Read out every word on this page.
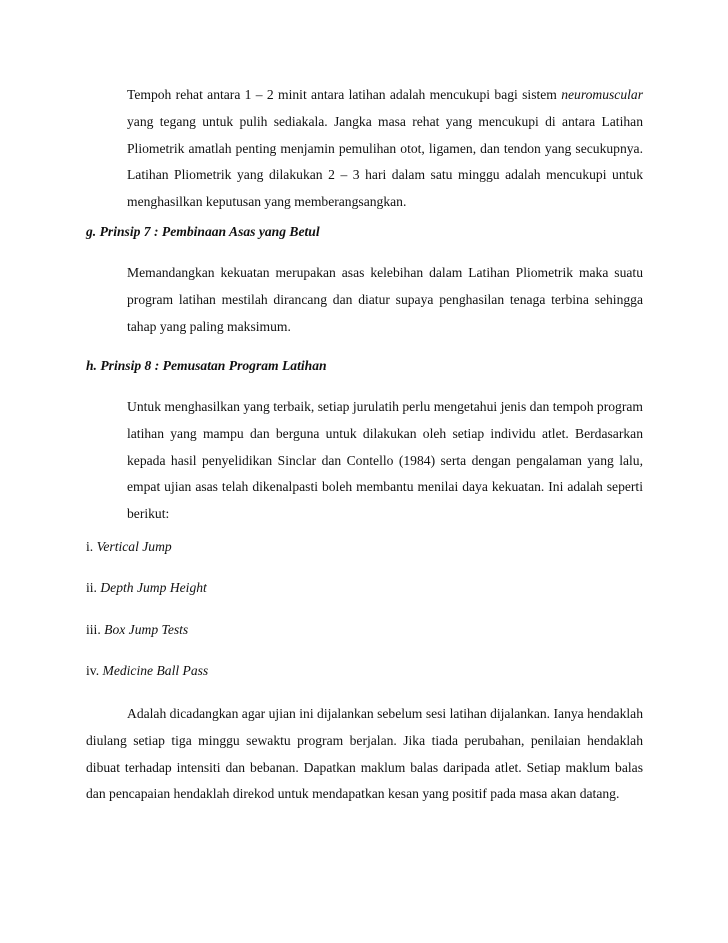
Tempoh rehat antara 1 – 2 minit antara latihan adalah mencukupi bagi sistem neuromuscular yang tegang untuk pulih sediakala. Jangka masa rehat yang mencukupi di antara Latihan Pliometrik amatlah penting menjamin pemulihan otot, ligamen, dan tendon yang secukupnya. Latihan Pliometrik yang dilakukan 2 – 3 hari dalam satu minggu adalah mencukupi untuk menghasilkan keputusan yang memberangsangkan.

g. Prinsip 7 : Pembinaan Asas yang Betul

Memandangkan kekuatan merupakan asas kelebihan dalam Latihan Pliometrik maka suatu program latihan mestilah dirancang dan diatur supaya penghasilan tenaga terbina sehingga tahap yang paling maksimum.

h. Prinsip 8 : Pemusatan Program Latihan

Untuk menghasilkan yang terbaik, setiap jurulatih perlu mengetahui jenis dan tempoh program latihan yang mampu dan berguna untuk dilakukan oleh setiap individu atlet. Berdasarkan kepada hasil penyelidikan Sinclar dan Contello (1984) serta dengan pengalaman yang lalu, empat ujian asas telah dikenalpasti boleh membantu menilai daya kekuatan. Ini adalah seperti berikut:

i. Vertical Jump

ii. Depth Jump Height

iii. Box Jump Tests

iv. Medicine Ball Pass

Adalah dicadangkan agar ujian ini dijalankan sebelum sesi latihan dijalankan. Ianya hendaklah diulang setiap tiga minggu sewaktu program berjalan. Jika tiada perubahan, penilaian hendaklah dibuat terhadap intensiti dan bebanan. Dapatkan maklum balas daripada atlet. Setiap maklum balas dan pencapaian hendaklah direkod untuk mendapatkan kesan yang positif pada masa akan datang.
